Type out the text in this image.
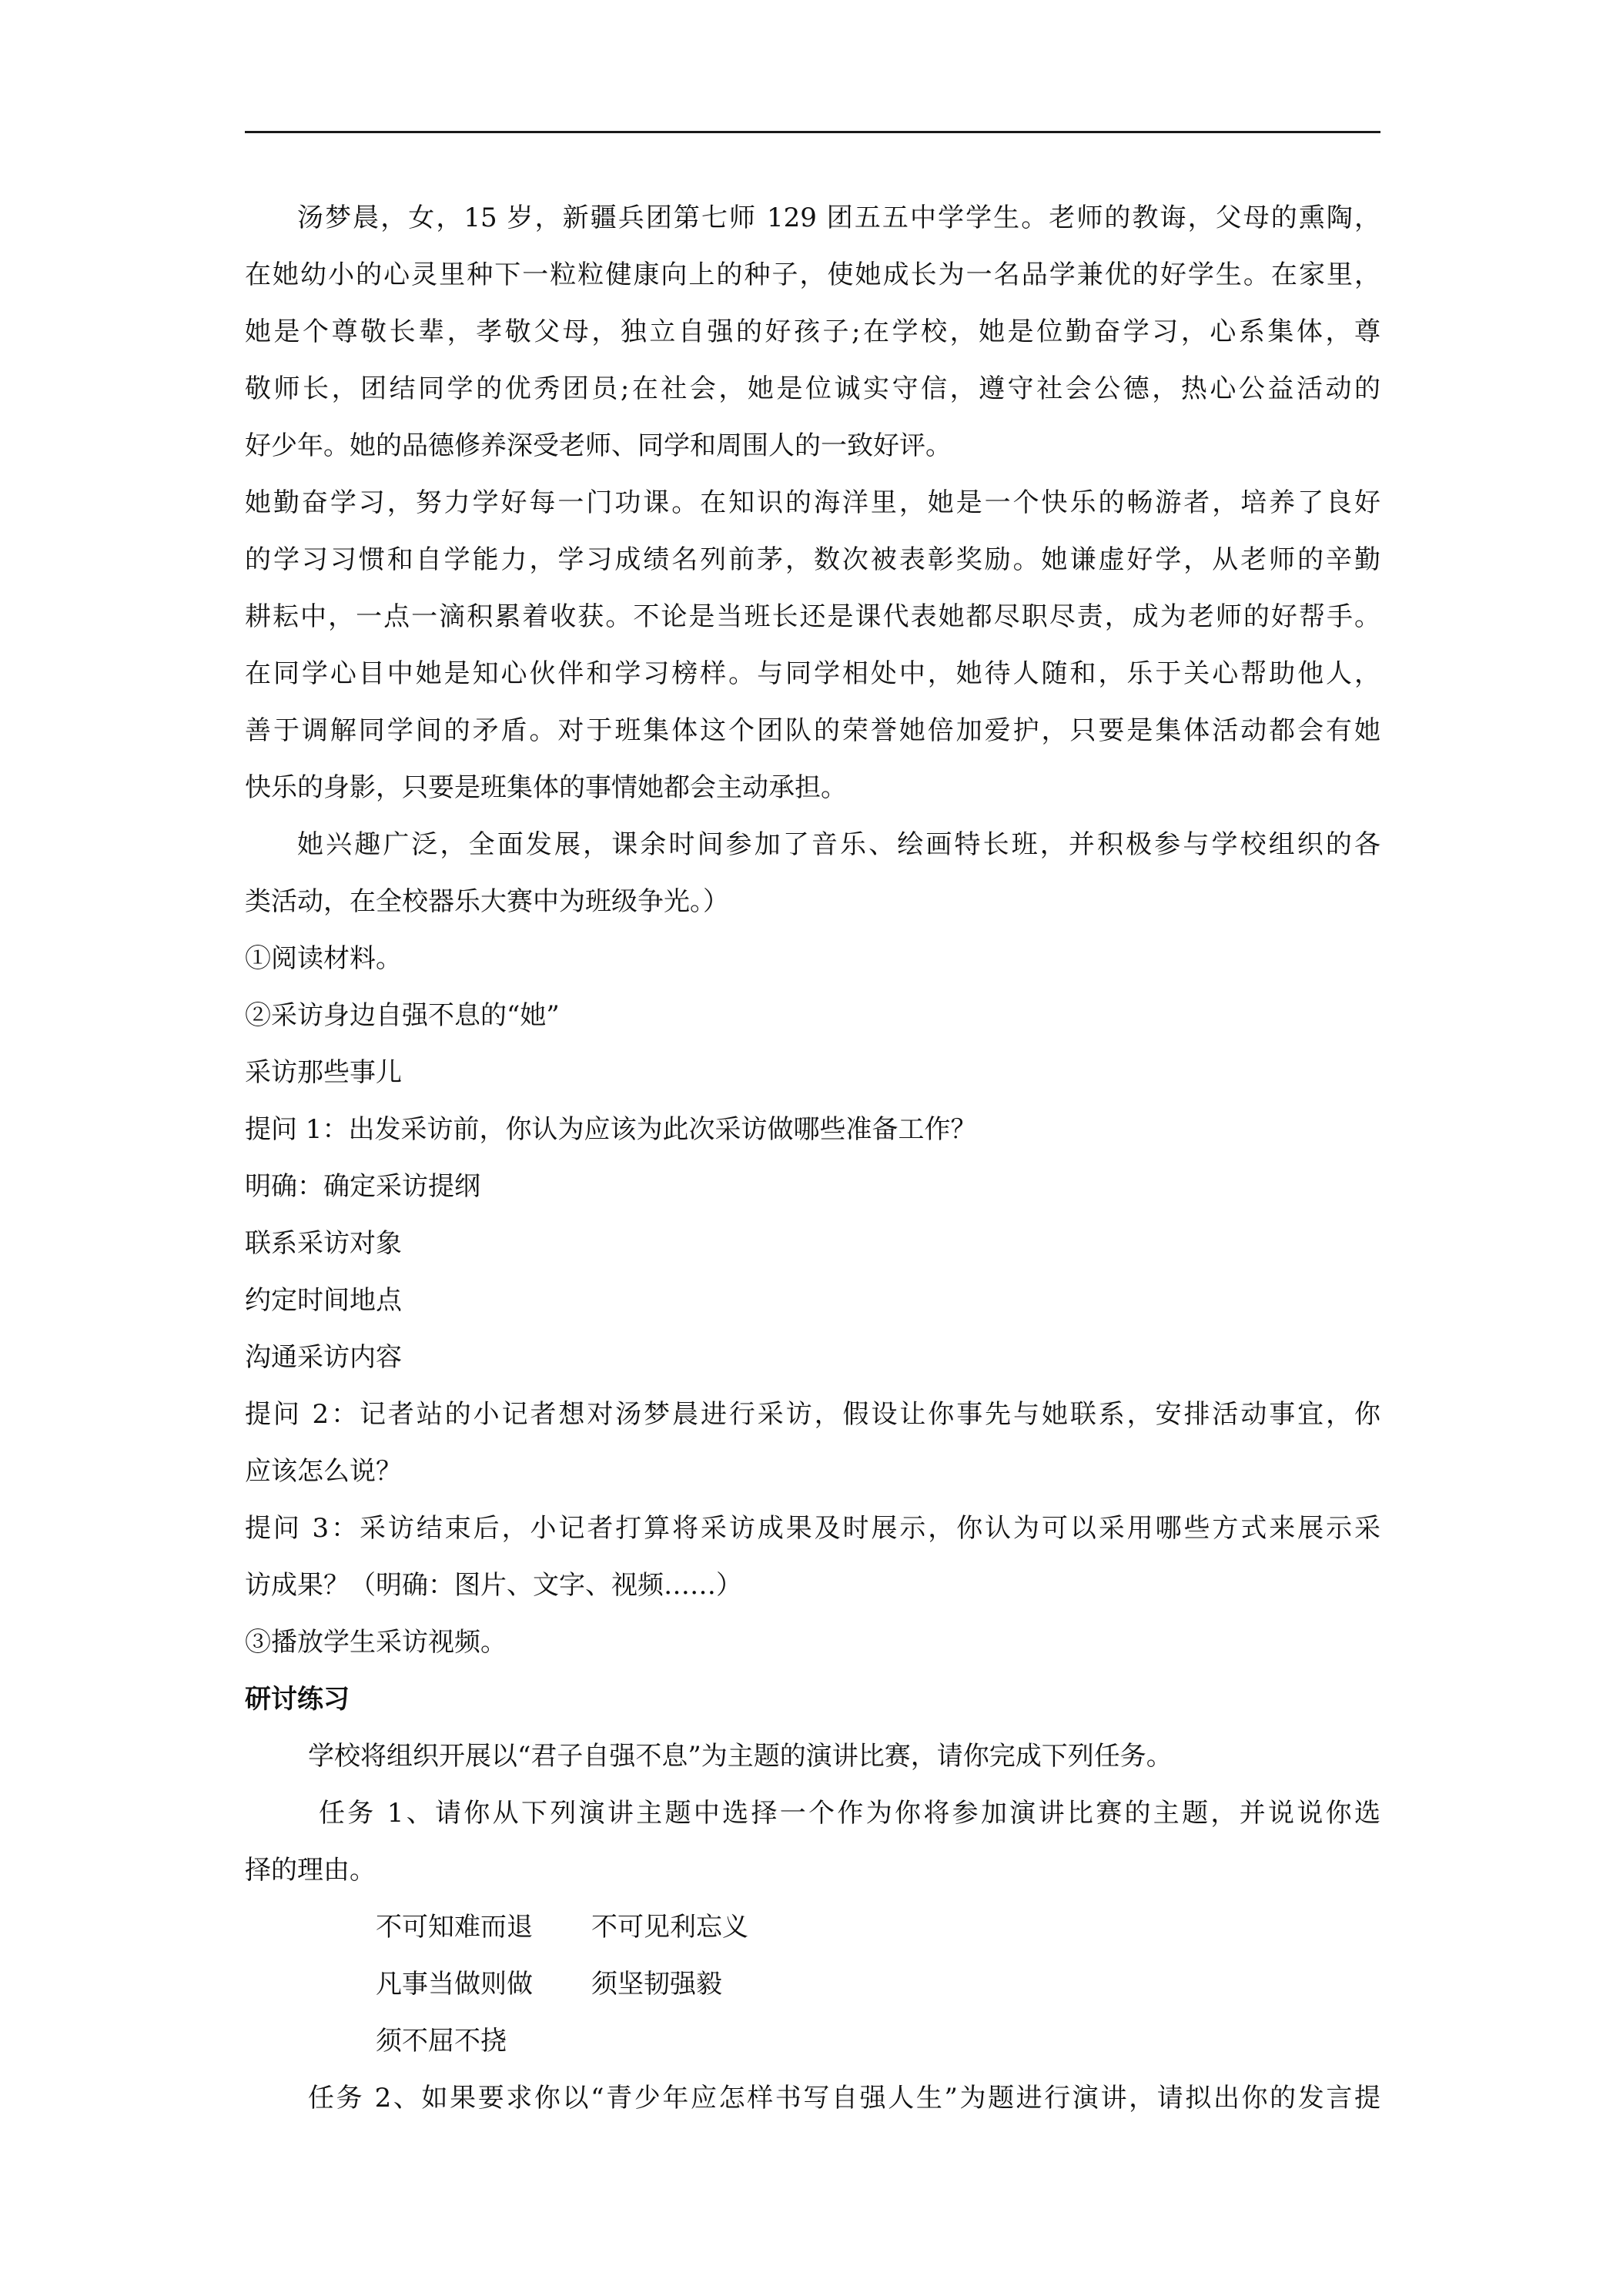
汤梦晨，女，15 岁，新疆兵团第七师 129 团五五中学学生。老师的教诲，父母的熏陶，
在她幼小的心灵里种下一粒粒健康向上的种子，使她成长为一名品学兼优的好学生。在家里，
她是个尊敬长辈，孝敬父母，独立自强的好孩子;在学校，她是位勤奋学习，心系集体，尊
敬师长，团结同学的优秀团员;在社会，她是位诚实守信，遵守社会公德，热心公益活动的
好少年。她的品德修养深受老师、同学和周围人的一致好评。
她勤奋学习，努力学好每一门功课。在知识的海洋里，她是一个快乐的畅游者，培养了良好
的学习习惯和自学能力，学习成绩名列前茅，数次被表彰奖励。她谦虚好学，从老师的辛勤
耕耘中，一点一滴积累着收获。不论是当班长还是课代表她都尽职尽责，成为老师的好帮手。
在同学心目中她是知心伙伴和学习榜样。与同学相处中，她待人随和，乐于关心帮助他人，
善于调解同学间的矛盾。对于班集体这个团队的荣誉她倍加爱护，只要是集体活动都会有她
快乐的身影，只要是班集体的事情她都会主动承担。
她兴趣广泛，全面发展，课余时间参加了音乐、绘画特长班，并积极参与学校组织的各
类活动，在全校器乐大赛中为班级争光。）
①阅读材料。
②采访身边自强不息的“她”
采访那些事儿
提问 1：出发采访前，你认为应该为此次采访做哪些准备工作？
明确：确定采访提纲
联系采访对象
约定时间地点
沟通采访内容
提问 2：记者站的小记者想对汤梦晨进行采访，假设让你事先与她联系，安排活动事宜，你
应该怎么说？
提问 3：采访结束后，小记者打算将采访成果及时展示，你认为可以采用哪些方式来展示采
访成果？（明确：图片、文字、视频……）
③播放学生采访视频。
研讨练习
学校将组织开展以“君子自强不息”为主题的演讲比赛，请你完成下列任务。
任务 1、请你从下列演讲主题中选择一个作为你将参加演讲比赛的主题，并说说你选
择的理由。
不可知难而退 不可见利忘义
凡事当做则做 须坚韧强毅
须不屈不挠
任务 2、如果要求你以“青少年应怎样书写自强人生”为题进行演讲，请拟出你的发言提
